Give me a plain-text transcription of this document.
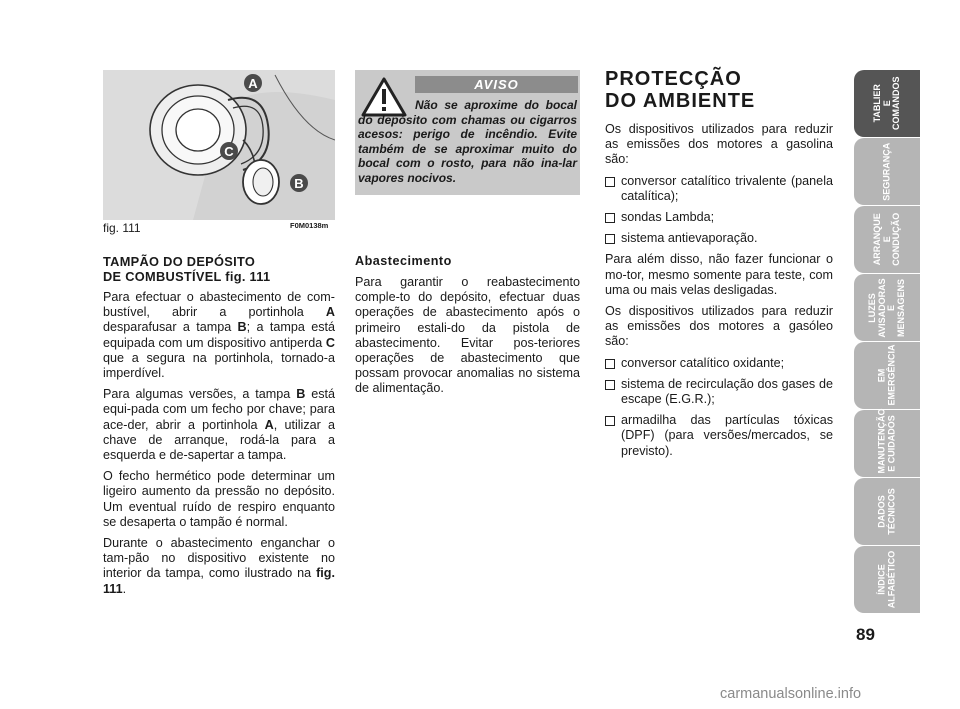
A
C
B
fig. 111	F0M0138m
TAMPÃO DO DEPÓSITO
DE COMBUSTÍVEL fig. 111

Para efectuar o abastecimento de com-bustível, abrir a portinhola A desparafusar a tampa B; a tampa está equipada com um dispositivo antiperda C que a segura na portinhola, tornado-a imperdível.

Para algumas versões, a tampa B está equi-pada com um fecho por chave; para ace-der, abrir a portinhola A, utilizar a chave de arranque, rodá-la para a esquerda e de-sapertar a tampa.

O fecho hermético pode determinar um ligeiro aumento da pressão no depósito. Um eventual ruído de respiro enquanto se desaperta o tampão é normal.

Durante o abastecimento enganchar o tam-pão no dispositivo existente no interior da tampa, como ilustrado na fig. 111.

AVISO
Não se aproxime do bocal do depósito com chamas ou cigarros acesos: perigo de incêndio. Evite também de se aproximar muito do bocal com o rosto, para não ina-lar vapores nocivos.
Abastecimento

Para garantir o reabastecimento comple-to do depósito, efectuar duas operações de abastecimento após o primeiro estali-do da pistola de abastecimento. Evitar pos-teriores operações de abastecimento que possam provocar anomalias no sistema de alimentação.

PROTECÇÃO
DO AMBIENTE

Os dispositivos utilizados para reduzir as emissões dos motores a gasolina são:

conversor catalítico trivalente (panela catalítica);
sondas Lambda;
sistema antievaporação.

Para além disso, não fazer funcionar o mo-tor, mesmo somente para teste, com uma ou mais velas desligadas.

Os dispositivos utilizados para reduzir as emissões dos motores a gasóleo são:

conversor catalítico oxidante;
sistema de recirculação dos gases de escape (E.G.R.);
armadilha das partículas tóxicas (DPF) (para versões/mercados, se previsto).
TABLIER
E COMANDOS
SEGURANÇA
ARRANQUE
E CONDUÇÃO
LUZES
AVISADORAS
E MENSAGENS
EM
EMERGÊNCIA
MANUTENÇÃO
E CUIDADOS
DADOS
TÉCNICOS
ÍNDICE
ALFABÉTICO
89
carmanualsonline.info
